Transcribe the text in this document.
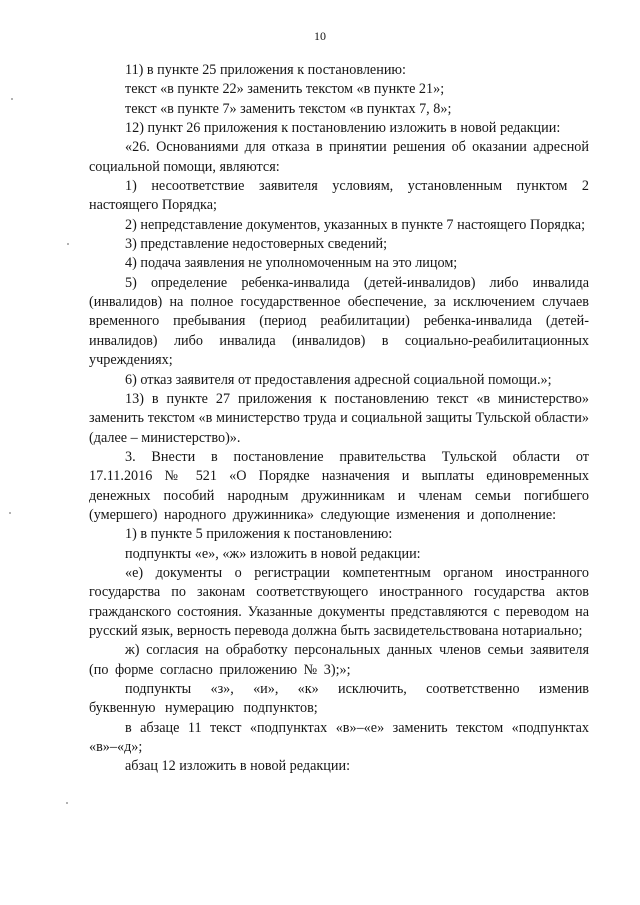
10

11) в пункте 25 приложения к постановлению:

текст «в пункте 22» заменить текстом «в пункте 21»;

текст «в пункте 7» заменить текстом «в пунктах 7, 8»;

12) пункт 26 приложения к постановлению изложить в новой редакции:

«26. Основаниями для отказа в принятии решения об оказании адресной социальной помощи, являются:

1) несоответствие заявителя условиям, установленным пунктом 2 настоящего Порядка;

2) непредставление документов, указанных в пункте 7 настоящего Порядка;

3) представление недостоверных сведений;

4) подача заявления не уполномоченным на это лицом;

5) определение ребенка-инвалида (детей-инвалидов) либо инвалида (инвалидов) на полное государственное обеспечение, за исключением случаев временного пребывания (период реабилитации) ребенка-инвалида (детей-инвалидов) либо инвалида (инвалидов) в социально-реабилитационных учреждениях;

6) отказ заявителя от предоставления адресной социальной помощи.»;

13) в пункте 27 приложения к постановлению текст «в министерство» заменить текстом «в министерство труда и социальной защиты Тульской области» (далее – министерство)».

3. Внести в постановление правительства Тульской области от 17.11.2016 № 521 «О Порядке назначения и выплаты единовременных денежных пособий народным дружинникам и членам семьи погибшего (умершего) народного дружинника» следующие изменения и дополнение:

1) в пункте 5 приложения к постановлению:

подпункты «е», «ж» изложить в новой редакции:

«е) документы о регистрации компетентным органом иностранного государства по законам соответствующего иностранного государства актов гражданского состояния. Указанные документы представляются с переводом на русский язык, верность перевода должна быть засвидетельствована нотариально;

ж) согласия на обработку персональных данных членов семьи заявителя (по форме согласно приложению № 3);»;

подпункты «з», «и», «к» исключить, соответственно изменив буквенную нумерацию подпунктов;

в абзаце 11 текст «подпунктах «в»–«е» заменить текстом «подпунктах «в»–«д»;

абзац 12 изложить в новой редакции:
